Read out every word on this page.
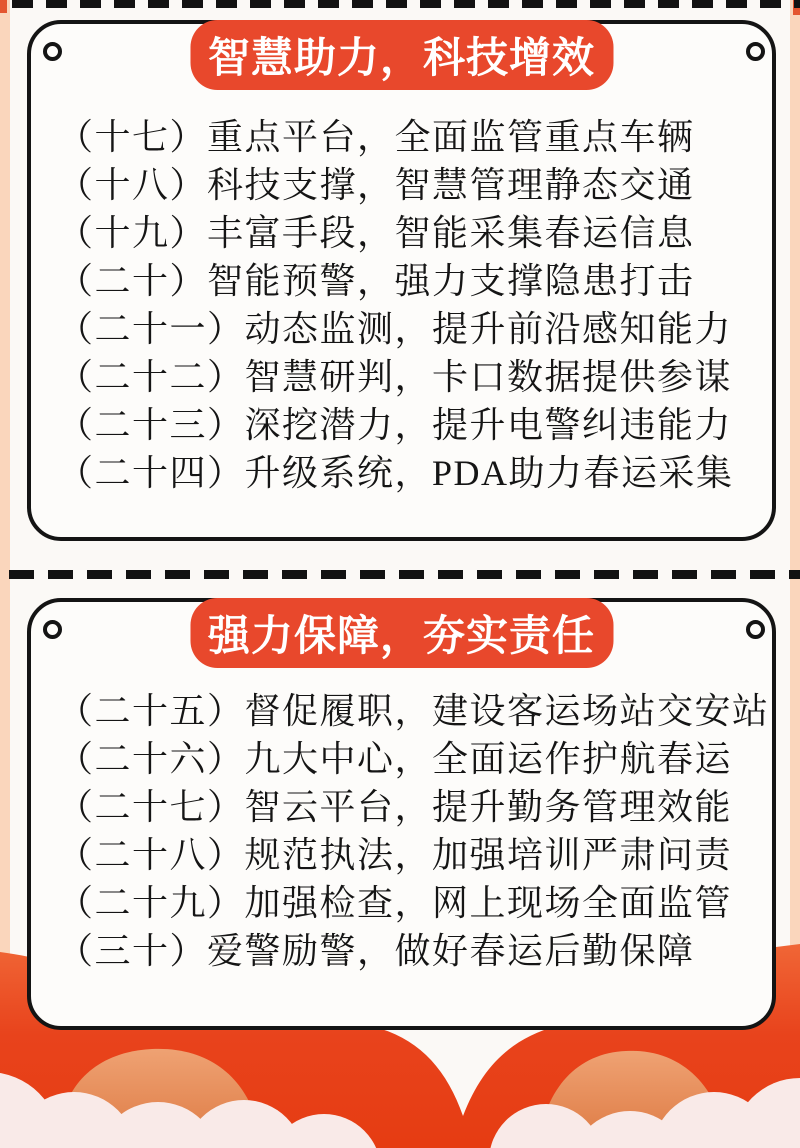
智慧助力，科技增效
（十七）重点平台，全面监管重点车辆
（十八）科技支撑，智慧管理静态交通
（十九）丰富手段，智能采集春运信息
（二十）智能预警，强力支撑隐患打击
（二十一）动态监测，提升前沿感知能力
（二十二）智慧研判，卡口数据提供参谋
（二十三）深挖潜力，提升电警纠违能力
（二十四）升级系统，PDA助力春运采集
强力保障，夯实责任
（二十五）督促履职，建设客运场站交安站
（二十六）九大中心，全面运作护航春运
（二十七）智云平台，提升勤务管理效能
（二十八）规范执法，加强培训严肃问责
（二十九）加强检查，网上现场全面监管
（三十）爱警励警，做好春运后勤保障
